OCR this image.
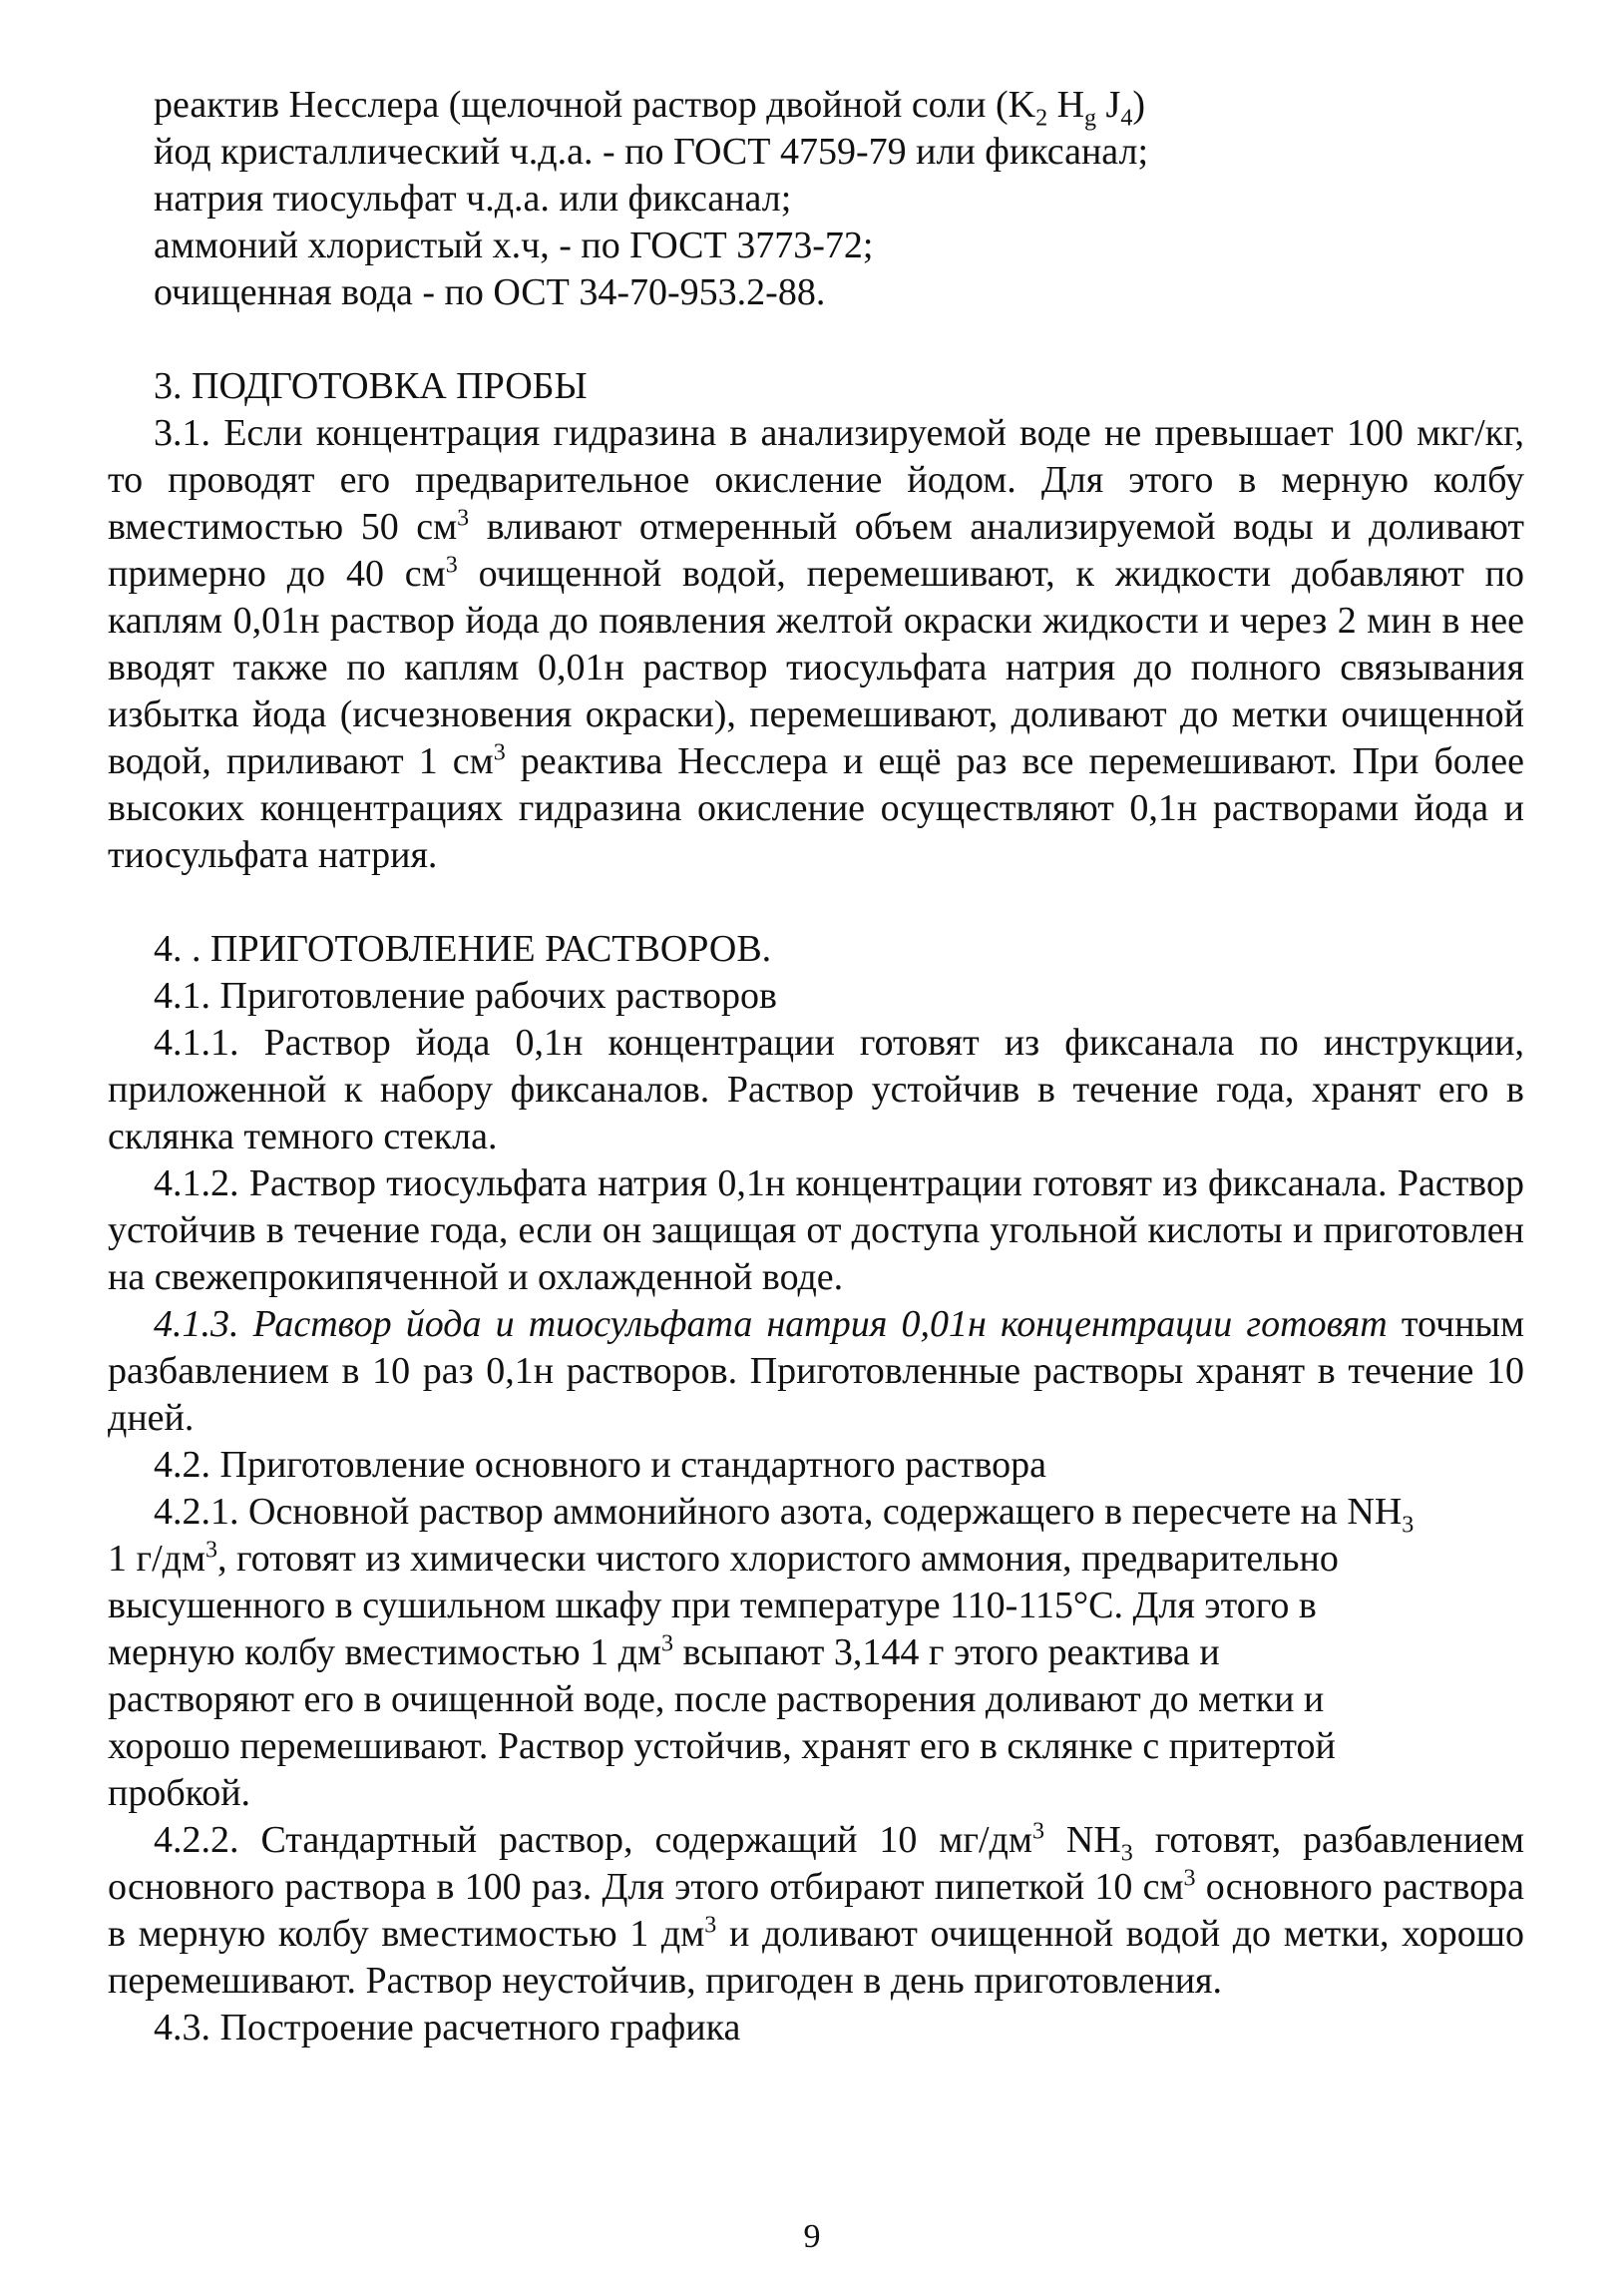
реактив Несслера (щелочной раствор двойной соли ($K_2$ $H_g$ $J_4$)

йод кристаллический ч.д.а. - по ГОСТ 4759-79 или фиксанал;

натрия тиосульфат ч.д.а. или фиксанал;

аммоний хлористый х.ч, - по ГОСТ 3773-72;

очищенная вода - по ОСТ 34-70-953.2-88.

3. ПОДГОТОВКА ПРОБЫ

3.1. Если концентрация гидразина в анализируемой воде не превышает 100 мкг/кг, то проводят его предварительное окисление йодом. Для этого в мерную колбу вместимостью 50 $см^3$ вливают отмеренный объем анализируемой воды и доливают примерно до 40 $см^3$ очищенной водой, перемешивают, к жидкости добавляют по каплям 0,01н раствор йода до появления желтой окраски жидкости и через 2 мин в нее вводят также по каплям 0,01н раствор тиосульфата натрия до полного связывания избытка йода (исчезновения окраски), перемешивают, доливают до метки очищенной водой, приливают 1 $см^3$ реактива Несслера и ещё раз все перемешивают. При более высоких концентрациях гидразина окисление осуществляют 0,1н растворами йода и тиосульфата натрия.

4. . ПРИГОТОВЛЕНИЕ РАСТВОРОВ.

4.1. Приготовление рабочих растворов

4.1.1. Раствор йода 0,1н концентрации готовят из фиксанала по инструкции, приложенной к набору фиксаналов. Раствор устойчив в течение года, хранят его в склянка темного стекла.

4.1.2. Раствор тиосульфата натрия 0,1н концентрации готовят из фиксанала. Раствор устойчив в течение года, если он защищая от доступа угольной кислоты и приготовлен на свежепрокипяченной и охлажденной воде.

4.1.3. Раствор йода и тиосульфата натрия 0,01н концентрации готовят точным разбавлением в 10 раз 0,1н растворов. Приготовленные растворы хранят в течение 10 дней.

4.2. Приготовление основного и стандартного раствора

4.2.1. Основной раствор аммонийного азота, содержащего в пересчете на $NH_3$

1 $г/дм^3$, готовят из химически чистого хлористого аммония, предварительно

высушенного в сушильном шкафу при температуре 110-115°С. Для этого в

мерную колбу вместимостью 1 $дм^3$ всыпают 3,144 г этого реактива и

растворяют его в очищенной воде, после растворения доливают до метки и

хорошо перемешивают. Раствор устойчив, хранят его в склянке с притертой

пробкой.

4.2.2. Стандартный раствор, содержащий 10 $мг/дм^3$ $NH_3$ готовят, разбавлением основного раствора в 100 раз. Для этого отбирают пипеткой 10 $см^3$ основного раствора в мерную колбу вместимостью 1 $дм^3$ и доливают очищенной водой до метки, хорошо перемешивают. Раствор неустойчив, пригоден в день приготовления.

4.3. Построение расчетного графика

9
